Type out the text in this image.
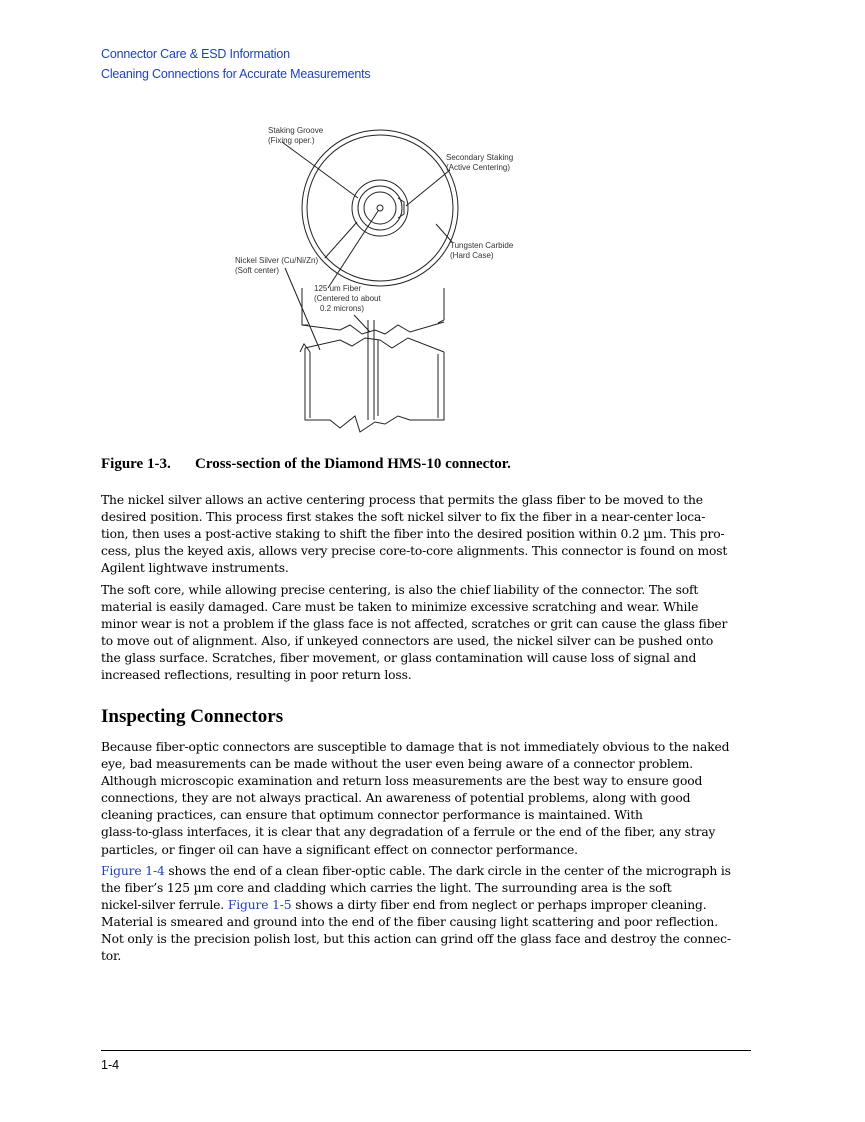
Connector Care & ESD Information
Cleaning Connections for Accurate Measurements
Staking Groove
(Fixing oper.)
Secondary Staking
(Active Centering)
Tungsten Carbide
(Hard Case)
Nickel Silver (Cu/Ni/Zn)
(Soft center)
125 um Fiber
(Centered to about
0.2 microns)
Figure 1-3. Cross-section of the Diamond HMS-10 connector.

The nickel silver allows an active centering process that permits the glass fiber to be moved to the

desired position. This process first stakes the soft nickel silver to fix the fiber in a near-center loca-

tion, then uses a post-active staking to shift the fiber into the desired position within 0.2 µm. This pro-

cess, plus the keyed axis, allows very precise core-to-core alignments. This connector is found on most

Agilent lightwave instruments.

The soft core, while allowing precise centering, is also the chief liability of the connector. The soft

material is easily damaged. Care must be taken to minimize excessive scratching and wear. While

minor wear is not a problem if the glass face is not affected, scratches or grit can cause the glass fiber

to move out of alignment. Also, if unkeyed connectors are used, the nickel silver can be pushed onto

the glass surface. Scratches, fiber movement, or glass contamination will cause loss of signal and

increased reflections, resulting in poor return loss.

Inspecting Connectors

Because fiber-optic connectors are susceptible to damage that is not immediately obvious to the naked

eye, bad measurements can be made without the user even being aware of a connector problem.

Although microscopic examination and return loss measurements are the best way to ensure good

connections, they are not always practical. An awareness of potential problems, along with good

cleaning practices, can ensure that optimum connector performance is maintained. With

glass-to-glass interfaces, it is clear that any degradation of a ferrule or the end of the fiber, any stray

particles, or finger oil can have a significant effect on connector performance.

Figure 1-4 shows the end of a clean fiber-optic cable. The dark circle in the center of the micrograph is

the fiber’s 125 µm core and cladding which carries the light. The surrounding area is the soft

nickel-silver ferrule. Figure 1-5 shows a dirty fiber end from neglect or perhaps improper cleaning.

Material is smeared and ground into the end of the fiber causing light scattering and poor reflection.

Not only is the precision polish lost, but this action can grind off the glass face and destroy the connec-

tor.

1-4
